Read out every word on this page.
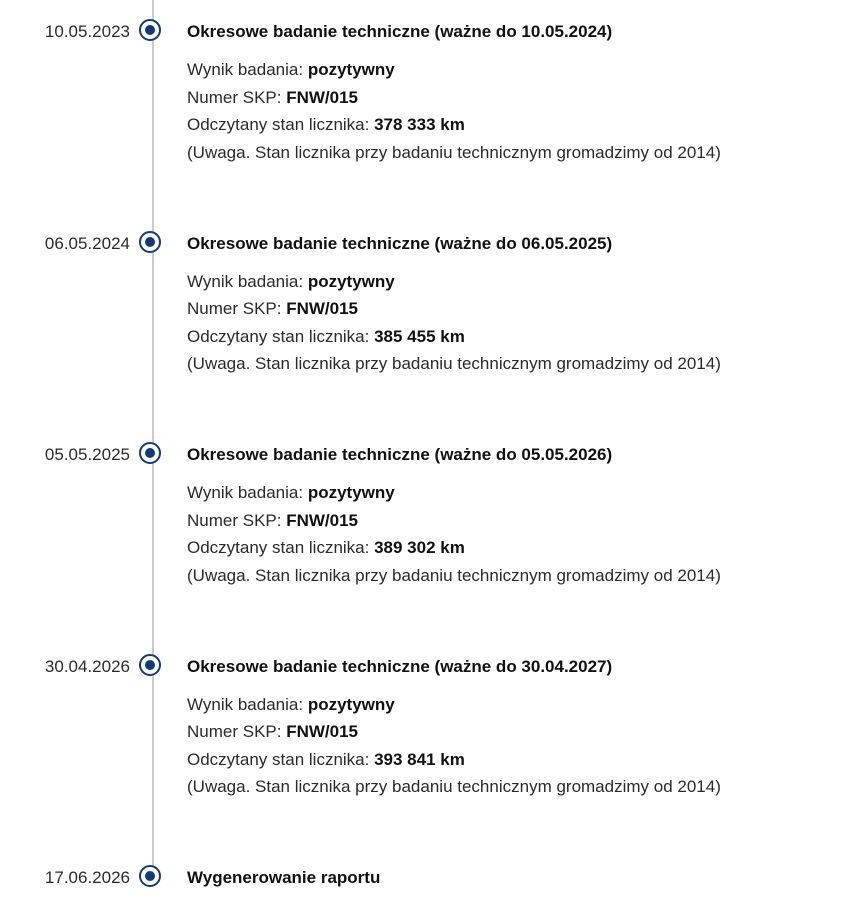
10.05.2023	Okresowe badanie techniczne (ważne do 10.05.2024)
Wynik badania: pozytywny
Numer SKP: FNW/015
Odczytany stan licznika: 378 333 km
(Uwaga. Stan licznika przy badaniu technicznym gromadzimy od 2014)
06.05.2024	Okresowe badanie techniczne (ważne do 06.05.2025)
Wynik badania: pozytywny
Numer SKP: FNW/015
Odczytany stan licznika: 385 455 km
(Uwaga. Stan licznika przy badaniu technicznym gromadzimy od 2014)
05.05.2025	Okresowe badanie techniczne (ważne do 05.05.2026)
Wynik badania: pozytywny
Numer SKP: FNW/015
Odczytany stan licznika: 389 302 km
(Uwaga. Stan licznika przy badaniu technicznym gromadzimy od 2014)
30.04.2026	Okresowe badanie techniczne (ważne do 30.04.2027)
Wynik badania: pozytywny
Numer SKP: FNW/015
Odczytany stan licznika: 393 841 km
(Uwaga. Stan licznika przy badaniu technicznym gromadzimy od 2014)
17.06.2026	Wygenerowanie raportu
